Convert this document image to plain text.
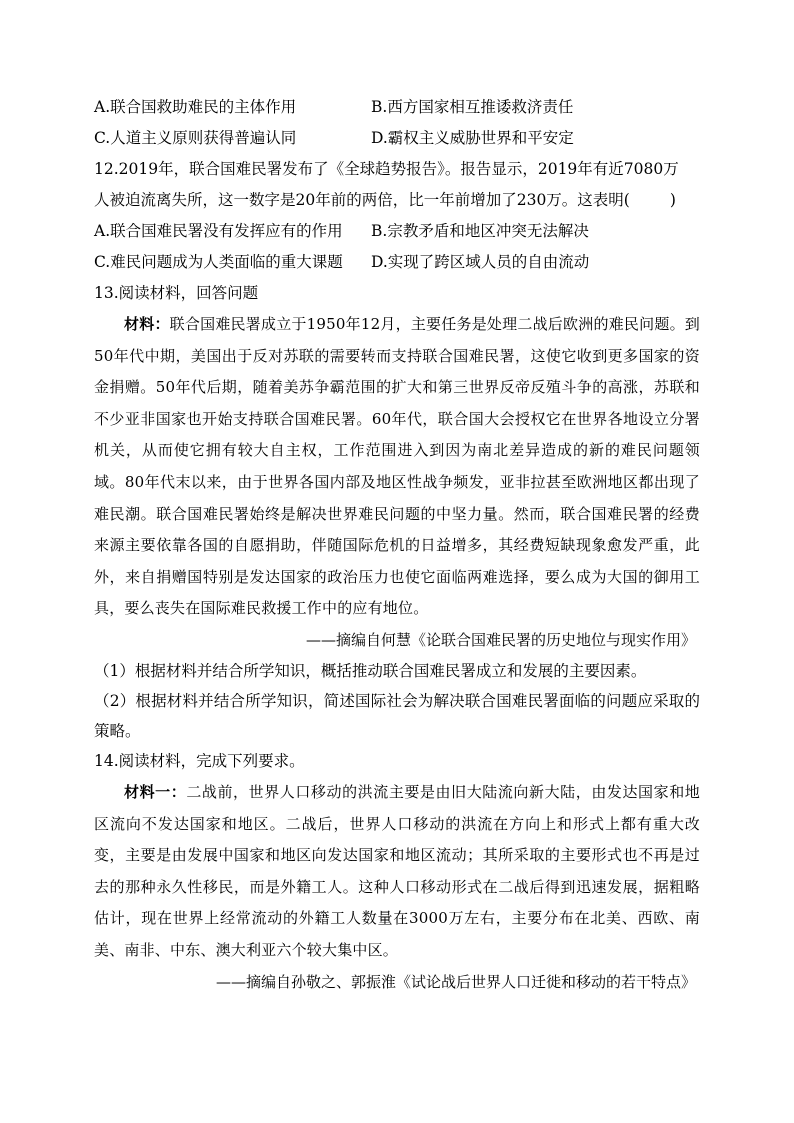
A.联合国救助难民的主体作用	B.西方国家相互推诿救济责任
C.人道主义原则获得普遍认同	D.霸权主义威胁世界和平安定
12.2019年，联合国难民署发布了《全球趋势报告》。报告显示，2019年有近7080万
人被迫流离失所，这一数字是20年前的两倍，比一年前增加了230万。这表明(	)
A.联合国难民署没有发挥应有的作用	B.宗教矛盾和地区冲突无法解决
C.难民问题成为人类面临的重大课题	D.实现了跨区域人员的自由流动
13.阅读材料，回答问题
材料：联合国难民署成立于1950年12月，主要任务是处理二战后欧洲的难民问题。到50年代中期，美国出于反对苏联的需要转而支持联合国难民署，这使它收到更多国家的资金捐赠。50年代后期，随着美苏争霸范围的扩大和第三世界反帝反殖斗争的高涨，苏联和不少亚非国家也开始支持联合国难民署。60年代，联合国大会授权它在世界各地设立分署机关，从而使它拥有较大自主权，工作范围进入到因为南北差异造成的新的难民问题领域。80年代末以来，由于世界各国内部及地区性战争频发，亚非拉甚至欧洲地区都出现了难民潮。联合国难民署始终是解决世界难民问题的中坚力量。然而，联合国难民署的经费来源主要依靠各国的自愿捐助，伴随国际危机的日益增多，其经费短缺现象愈发严重，此外，来自捐赠国特别是发达国家的政治压力也使它面临两难选择，要么成为大国的御用工具，要么丧失在国际难民救援工作中的应有地位。
——摘编自何慧《论联合国难民署的历史地位与现实作用》
（1）根据材料并结合所学知识，概括推动联合国难民署成立和发展的主要因素。
（2）根据材料并结合所学知识，简述国际社会为解决联合国难民署面临的问题应采取的策略。
14.阅读材料，完成下列要求。
材料一：二战前，世界人口移动的洪流主要是由旧大陆流向新大陆，由发达国家和地区流向不发达国家和地区。二战后，世界人口移动的洪流在方向上和形式上都有重大改变，主要是由发展中国家和地区向发达国家和地区流动；其所采取的主要形式也不再是过去的那种永久性移民，而是外籍工人。这种人口移动形式在二战后得到迅速发展，据粗略估计，现在世界上经常流动的外籍工人数量在3000万左右，主要分布在北美、西欧、南美、南非、中东、澳大利亚六个较大集中区。
——摘编自孙敬之、郭振淮《试论战后世界人口迁徙和移动的若干特点》
